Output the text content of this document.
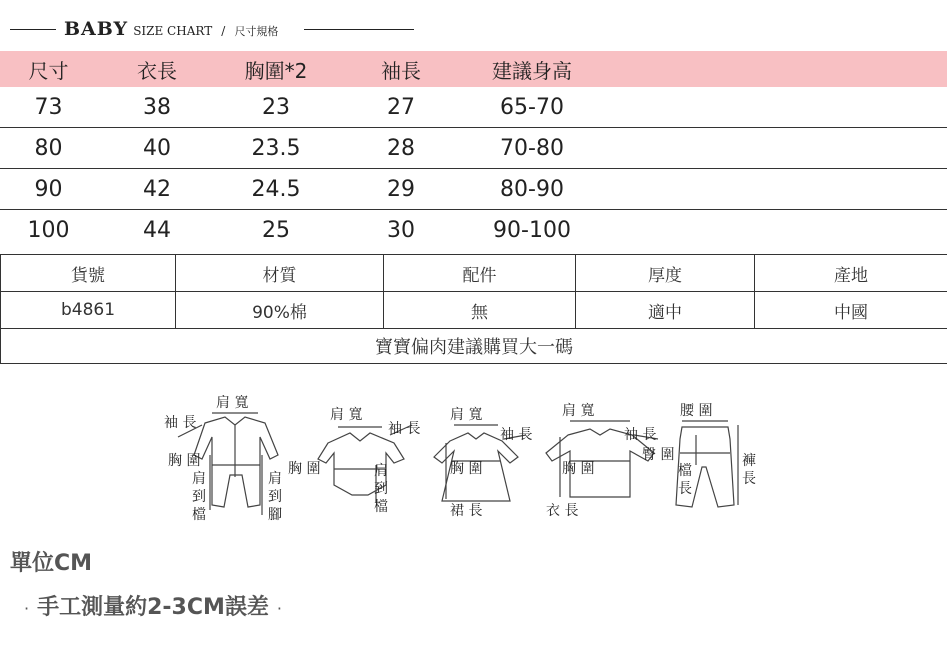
BABY SIZE CHART / 尺寸規格
尺寸	衣長	胸圍*2	袖長	建議身高	
73	38	23	27	65-70	
80	40	23.5	28	70-80	
90	42	24.5	29	80-90	
100	44	25	30	90-100	
貨號	材質	配件	厚度	產地
b4861	90%棉	無	適中	中國
寶寶偏肉建議購買大一碼				
袖 長
肩 寬
胸 圍
肩
到
檔
肩
到
腳
肩 寬
袖 長
胸 圍	肩
到
檔
肩 寬
袖 長
胸 圍
裙 長
肩 寬
袖 長
胸 圍
衣 長
腰 圍
臀 圍
檔
長
褲
長
單位CM
· 手工測量約2-3CM誤差 ·
